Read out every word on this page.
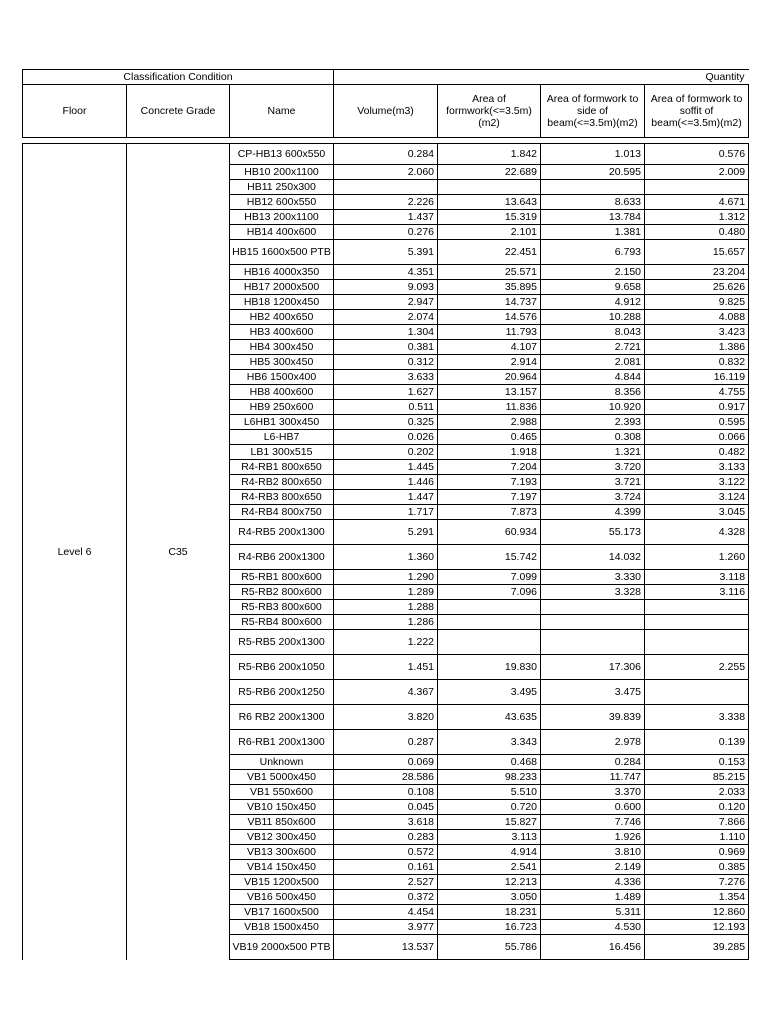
Classification Condition			Quantity			
Floor	Concrete Grade	Name	Volume(m3)	Area of formwork(<=3.5m)(m2)	Area of formwork to side of beam(<=3.5m)(m2)	Area of formwork to soffit of beam(<=3.5m)(m2)

Level 6	C35	CP-HB13 600x550	0.284	1.842	1.013	0.576
		HB10 200x1100	2.060	22.689	20.595	2.009
		HB11 250x300				
		HB12 600x550	2.226	13.643	8.633	4.671
		HB13 200x1100	1.437	15.319	13.784	1.312
		HB14 400x600	0.276	2.101	1.381	0.480
		HB15 1600x500 PTB	5.391	22.451	6.793	15.657
		HB16 4000x350	4.351	25.571	2.150	23.204
		HB17 2000x500	9.093	35.895	9.658	25.626
		HB18 1200x450	2.947	14.737	4.912	9.825
		HB2 400x650	2.074	14.576	10.288	4.088
		HB3 400x600	1.304	11.793	8.043	3.423
		HB4 300x450	0.381	4.107	2.721	1.386
		HB5 300x450	0.312	2.914	2.081	0.832
		HB6 1500x400	3.633	20.964	4.844	16.119
		HB8 400x600	1.627	13.157	8.356	4.755
		HB9 250x600	0.511	11.836	10.920	0.917
		L6HB1 300x450	0.325	2.988	2.393	0.595
		L6-HB7	0.026	0.465	0.308	0.066
		LB1 300x515	0.202	1.918	1.321	0.482
		R4-RB1 800x650	1.445	7.204	3.720	3.133
		R4-RB2 800x650	1.446	7.193	3.721	3.122
		R4-RB3 800x650	1.447	7.197	3.724	3.124
		R4-RB4 800x750	1.717	7.873	4.399	3.045
		R4-RB5 200x1300	5.291	60.934	55.173	4.328
		R4-RB6 200x1300	1.360	15.742	14.032	1.260
		R5-RB1 800x600	1.290	7.099	3.330	3.118
		R5-RB2 800x600	1.289	7.096	3.328	3.116
		R5-RB3 800x600	1.288			
		R5-RB4 800x600	1.286			
		R5-RB5 200x1300	1.222			
		R5-RB6 200x1050	1.451	19.830	17.306	2.255
		R5-RB6 200x1250	4.367	3.495	3.475	
		R6 RB2 200x1300	3.820	43.635	39.839	3.338
		R6-RB1 200x1300	0.287	3.343	2.978	0.139
		Unknown	0.069	0.468	0.284	0.153
		VB1 5000x450	28.586	98.233	11.747	85.215
		VB1 550x600	0.108	5.510	3.370	2.033
		VB10 150x450	0.045	0.720	0.600	0.120
		VB11 850x600	3.618	15.827	7.746	7.866
		VB12 300x450	0.283	3.113	1.926	1.110
		VB13 300x600	0.572	4.914	3.810	0.969
		VB14 150x450	0.161	2.541	2.149	0.385
		VB15 1200x500	2.527	12.213	4.336	7.276
		VB16 500x450	0.372	3.050	1.489	1.354
		VB17 1600x500	4.454	18.231	5.311	12.860
		VB18 1500x450	3.977	16.723	4.530	12.193
		VB19 2000x500 PTB	13.537	55.786	16.456	39.285
